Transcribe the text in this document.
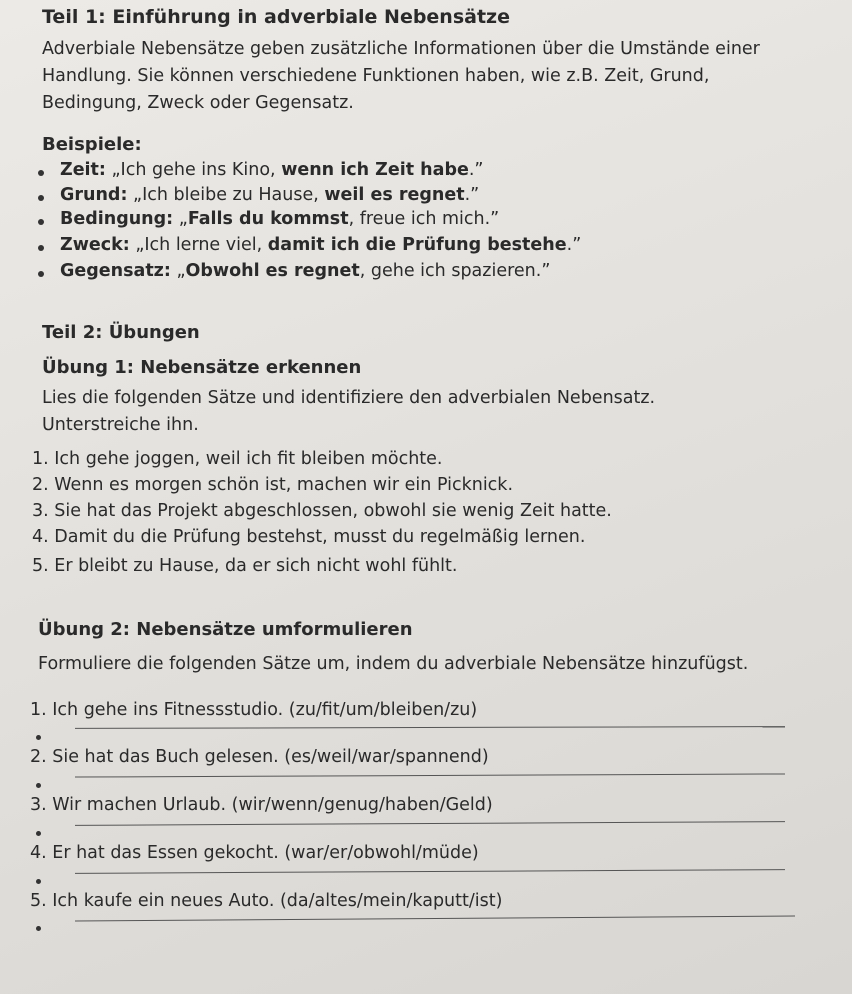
Teil 1: Einführung in adverbiale Nebensätze
Adverbiale Nebensätze geben zusätzliche Informationen über die Umstände einer
Handlung. Sie können verschiedene Funktionen haben, wie z.B. Zeit, Grund,
Bedingung, Zweck oder Gegensatz.
Beispiele:
Zeit: „Ich gehe ins Kino, wenn ich Zeit habe.”
Grund: „Ich bleibe zu Hause, weil es regnet.”
Bedingung: „Falls du kommst, freue ich mich.”
Zweck: „Ich lerne viel, damit ich die Prüfung bestehe.”
Gegensatz: „Obwohl es regnet, gehe ich spazieren.”
Teil 2: Übungen
Übung 1: Nebensätze erkennen
Lies die folgenden Sätze und identifiziere den adverbialen Nebensatz.
Unterstreiche ihn.
1. Ich gehe joggen, weil ich fit bleiben möchte.
2. Wenn es morgen schön ist, machen wir ein Picknick.
3. Sie hat das Projekt abgeschlossen, obwohl sie wenig Zeit hatte.
4. Damit du die Prüfung bestehst, musst du regelmäßig lernen.
5. Er bleibt zu Hause, da er sich nicht wohl fühlt.
Übung 2: Nebensätze umformulieren
Formuliere die folgenden Sätze um, indem du adverbiale Nebensätze hinzufügst.
1. Ich gehe ins Fitnessstudio. (zu/fit/um/bleiben/zu)
2. Sie hat das Buch gelesen. (es/weil/war/spannend)
3. Wir machen Urlaub. (wir/wenn/genug/haben/Geld)
4. Er hat das Essen gekocht. (war/er/obwohl/müde)
5. Ich kaufe ein neues Auto. (da/altes/mein/kaputt/ist)
